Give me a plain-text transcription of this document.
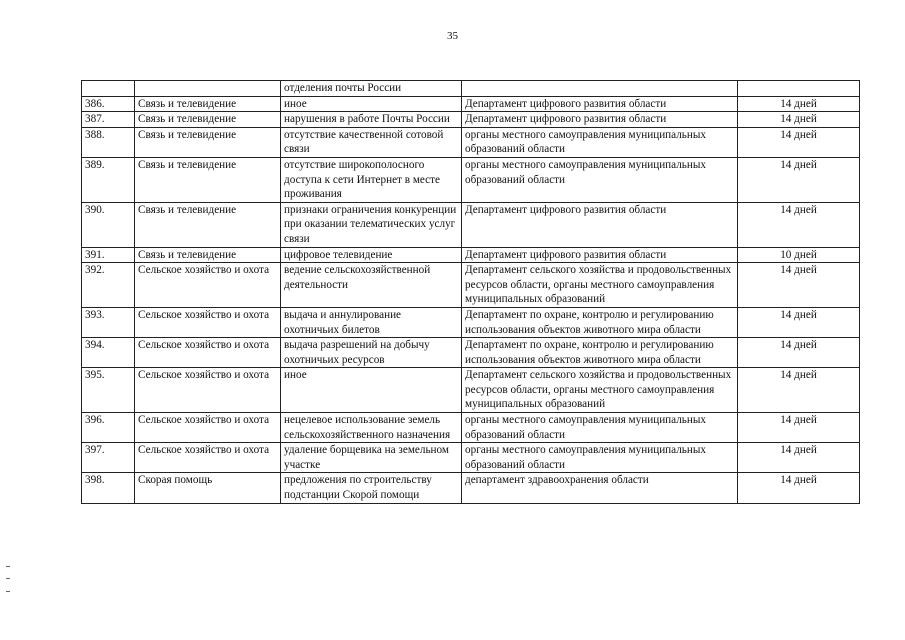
35
		отделения почты России		
386.	Связь и телевидение	иное	Департамент цифрового развития области	14 дней
387.	Связь и телевидение	нарушения в работе Почты России	Департамент цифрового развития области	14 дней
388.	Связь и телевидение	отсутствие качественной сотовой связи	органы местного самоуправления муниципальных образований области	14 дней
389.	Связь и телевидение	отсутствие широкополосного доступа к сети Интернет в месте проживания	органы местного самоуправления муниципальных образований области	14 дней
390.	Связь и телевидение	признаки ограничения конкуренции при оказании телематических услуг связи	Департамент цифрового развития области	14 дней
391.	Связь и телевидение	цифровое телевидение	Департамент цифрового развития области	10 дней
392.	Сельское хозяйство и охота	ведение сельскохозяйственной деятельности	Департамент сельского хозяйства и продовольственных ресурсов области, органы местного самоуправления муниципальных образований	14 дней
393.	Сельское хозяйство и охота	выдача и аннулирование охотничьих билетов	Департамент по охране, контролю и регулированию использования объектов животного мира области	14 дней
394.	Сельское хозяйство и охота	выдача разрешений на добычу охотничьих ресурсов	Департамент по охране, контролю и регулированию использования объектов животного мира области	14 дней
395.	Сельское хозяйство и охота	иное	Департамент сельского хозяйства и продовольственных ресурсов области, органы местного самоуправления муниципальных образований	14 дней
396.	Сельское хозяйство и охота	нецелевое использование земель сельскохозяйственного назначения	органы местного самоуправления муниципальных образований области	14 дней
397.	Сельское хозяйство и охота	удаление борщевика на земельном участке	органы местного самоуправления муниципальных образований области	14 дней
398.	Скорая помощь	предложения по строительству подстанции Скорой помощи	департамент здравоохранения области	14 дней
